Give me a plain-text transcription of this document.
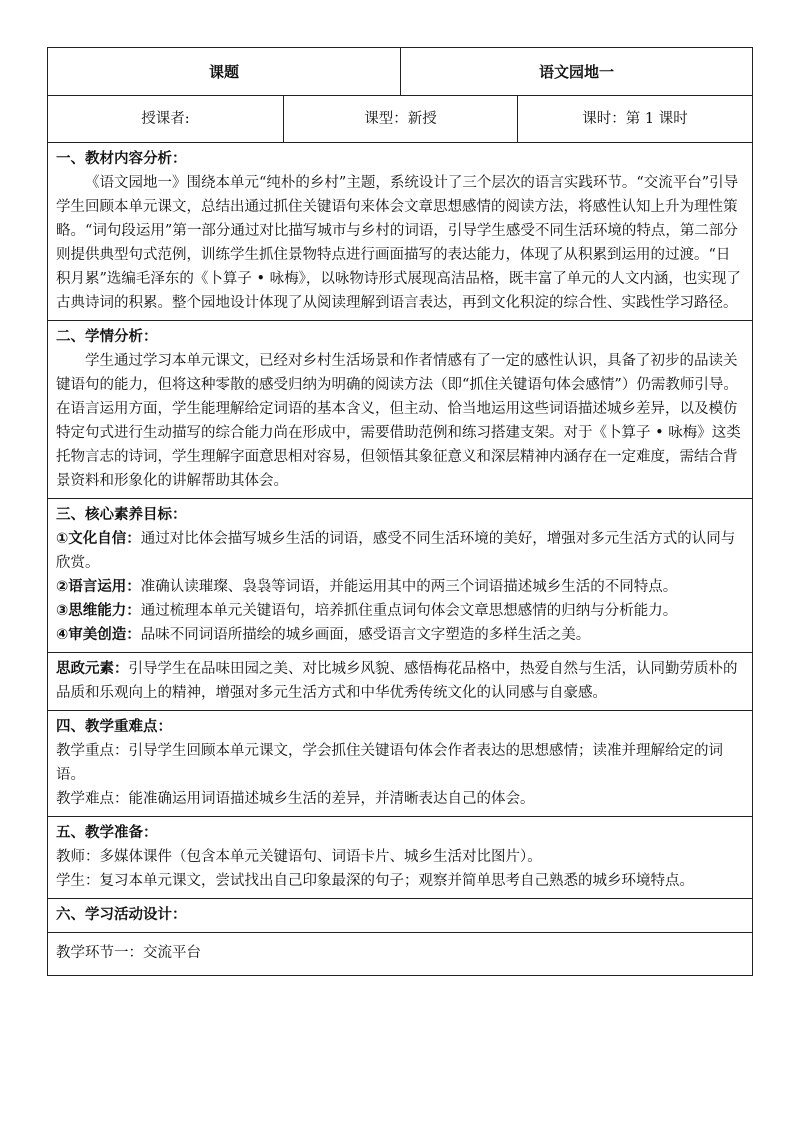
课题		语文园地一	
授课者:	课型：新授		课时：第 1 课时

一、教材内容分析：

《语文园地一》围绕本单元“纯朴的乡村”主题，系统设计了三个层次的语言实践环节。“交流平台”引导学生回顾本单元课文，总结出通过抓住关键语句来体会文章思想感情的阅读方法，将感性认知上升为理性策略。“词句段运用”第一部分通过对比描写城市与乡村的词语，引导学生感受不同生活环境的特点，第二部分则提供典型句式范例，训练学生抓住景物特点进行画面描写的表达能力，体现了从积累到运用的过渡。“日积月累”选编毛泽东的《卜算子 • 咏梅》，以咏物诗形式展现高洁品格，既丰富了单元的人文内涵，也实现了古典诗词的积累。整个园地设计体现了从阅读理解到语言表达，再到文化积淀的综合性、实践性学习路径。			

二、学情分析：

学生通过学习本单元课文，已经对乡村生活场景和作者情感有了一定的感性认识，具备了初步的品读关键语句的能力，但将这种零散的感受归纳为明确的阅读方法（即“抓住关键语句体会感情”）仍需教师引导。在语言运用方面，学生能理解给定词语的基本含义，但主动、恰当地运用这些词语描述城乡差异，以及模仿特定句式进行生动描写的综合能力尚在形成中，需要借助范例和练习搭建支架。对于《卜算子 • 咏梅》这类托物言志的诗词，学生理解字面意思相对容易，但领悟其象征意义和深层精神内涵存在一定难度，需结合背景资料和形象化的讲解帮助其体会。			

三、核心素养目标：

①文化自信：通过对比体会描写城乡生活的词语，感受不同生活环境的美好，增强对多元生活方式的认同与欣赏。

②语言运用：准确认读璀璨、袅袅等词语，并能运用其中的两三个词语描述城乡生活的不同特点。

③思维能力：通过梳理本单元关键语句，培养抓住重点词句体会文章思想感情的归纳与分析能力。

④审美创造：品味不同词语所描绘的城乡画面，感受语言文字塑造的多样生活之美。			

思政元素：引导学生在品味田园之美、对比城乡风貌、感悟梅花品格中，热爱自然与生活，认同勤劳质朴的品质和乐观向上的精神，增强对多元生活方式和中华优秀传统文化的认同感与自豪感。			

四、教学重难点：

教学重点：引导学生回顾本单元课文，学会抓住关键语句体会作者表达的思想感情；读准并理解给定的词语。

教学难点：能准确运用词语描述城乡生活的差异，并清晰表达自己的体会。			

五、教学准备：

教师：多媒体课件（包含本单元关键语句、词语卡片、城乡生活对比图片）。

学生：复习本单元课文，尝试找出自己印象最深的句子；观察并简单思考自己熟悉的城乡环境特点。			

六、学习活动设计：			

教学环节一：交流平台			
